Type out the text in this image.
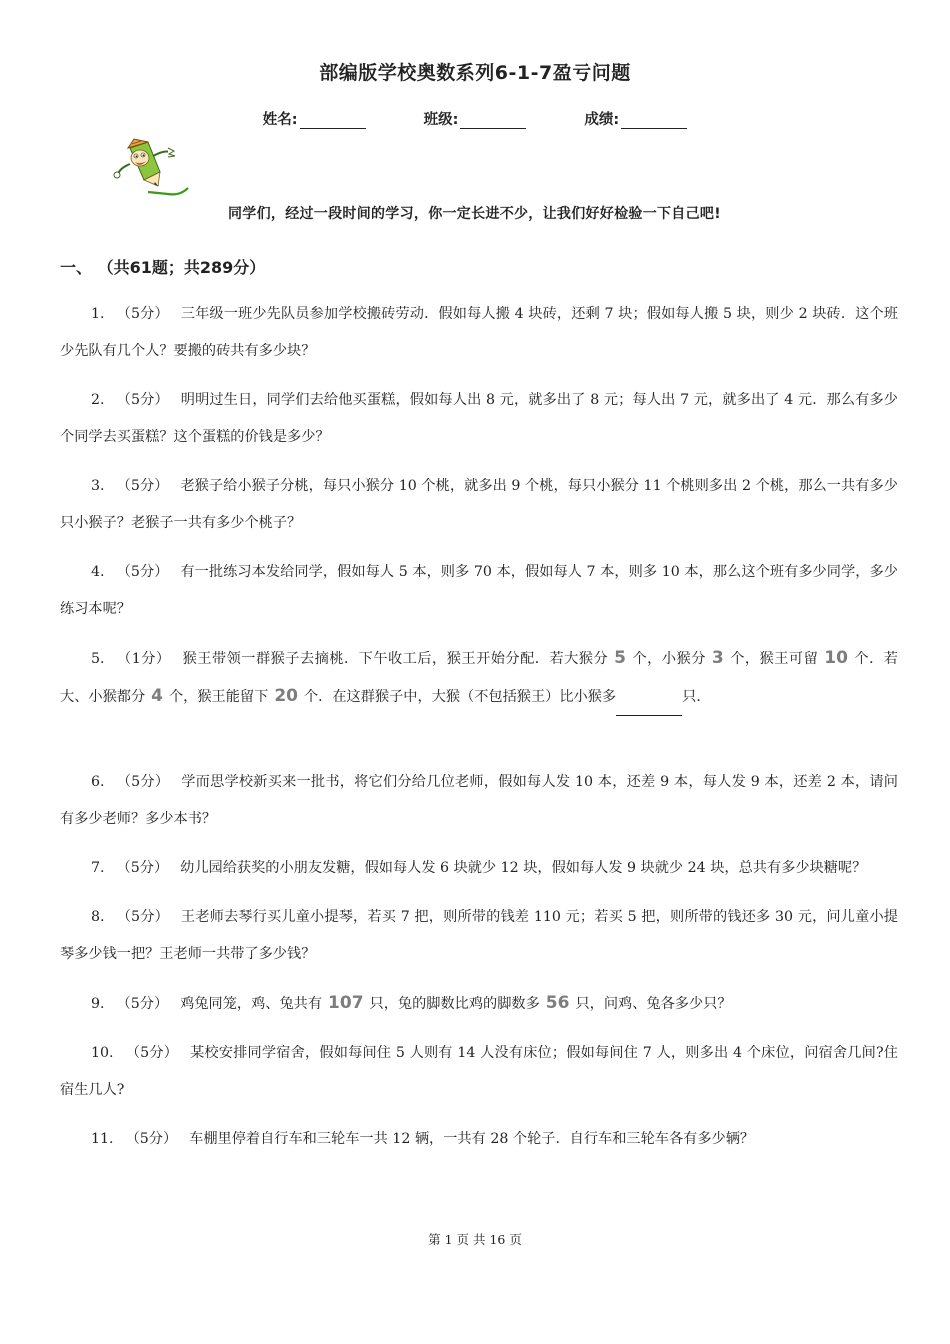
部编版学校奥数系列6-1-7盈亏问题
姓名:	班级:	成绩:
同学们，经过一段时间的学习，你一定长进不少，让我们好好检验一下自己吧!
一、 （共61题；共289分）

1. （5分） 三年级一班少先队员参加学校搬砖劳动．假如每人搬 4 块砖，还剩 7 块；假如每人搬 5 块，则少 2 块砖．这个班少先队有几个人？要搬的砖共有多少块？

2. （5分） 明明过生日，同学们去给他买蛋糕，假如每人出 8 元，就多出了 8 元；每人出 7 元，就多出了 4 元．那么有多少个同学去买蛋糕？这个蛋糕的价钱是多少？

3. （5分） 老猴子给小猴子分桃，每只小猴分 10 个桃，就多出 9 个桃，每只小猴分 11 个桃则多出 2 个桃，那么一共有多少只小猴子？老猴子一共有多少个桃子？

4. （5分） 有一批练习本发给同学，假如每人 5 本，则多 70 本，假如每人 7 本，则多 10 本，那么这个班有多少同学，多少练习本呢？

5. （1分） 猴王带领一群猴子去摘桃．下午收工后，猴王开始分配．若大猴分 5 个，小猴分 3 个，猴王可留 10 个．若大、小猴都分 4 个，猴王能留下 20 个．在这群猴子中，大猴（不包括猴王）比小猴多	只．

6. （5分） 学而思学校新买来一批书，将它们分给几位老师，假如每人发 10 本，还差 9 本，每人发 9 本，还差 2 本，请问有多少老师？多少本书？

7. （5分） 幼儿园给获奖的小朋友发糖，假如每人发 6 块就少 12 块，假如每人发 9 块就少 24 块，总共有多少块糖呢？

8. （5分） 王老师去琴行买儿童小提琴，若买 7 把，则所带的钱差 110 元；若买 5 把，则所带的钱还多 30 元，问儿童小提琴多少钱一把？王老师一共带了多少钱？

9. （5分） 鸡兔同笼，鸡、兔共有 107 只，兔的脚数比鸡的脚数多 56 只，问鸡、兔各多少只？

10. （5分） 某校安排同学宿舍，假如每间住 5 人则有 14 人没有床位；假如每间住 7 人，则多出 4 个床位，问宿舍几间?住宿生几人?

11. （5分） 车棚里停着自行车和三轮车一共 12 辆，一共有 28 个轮子．自行车和三轮车各有多少辆？

第 1 页 共 16 页
